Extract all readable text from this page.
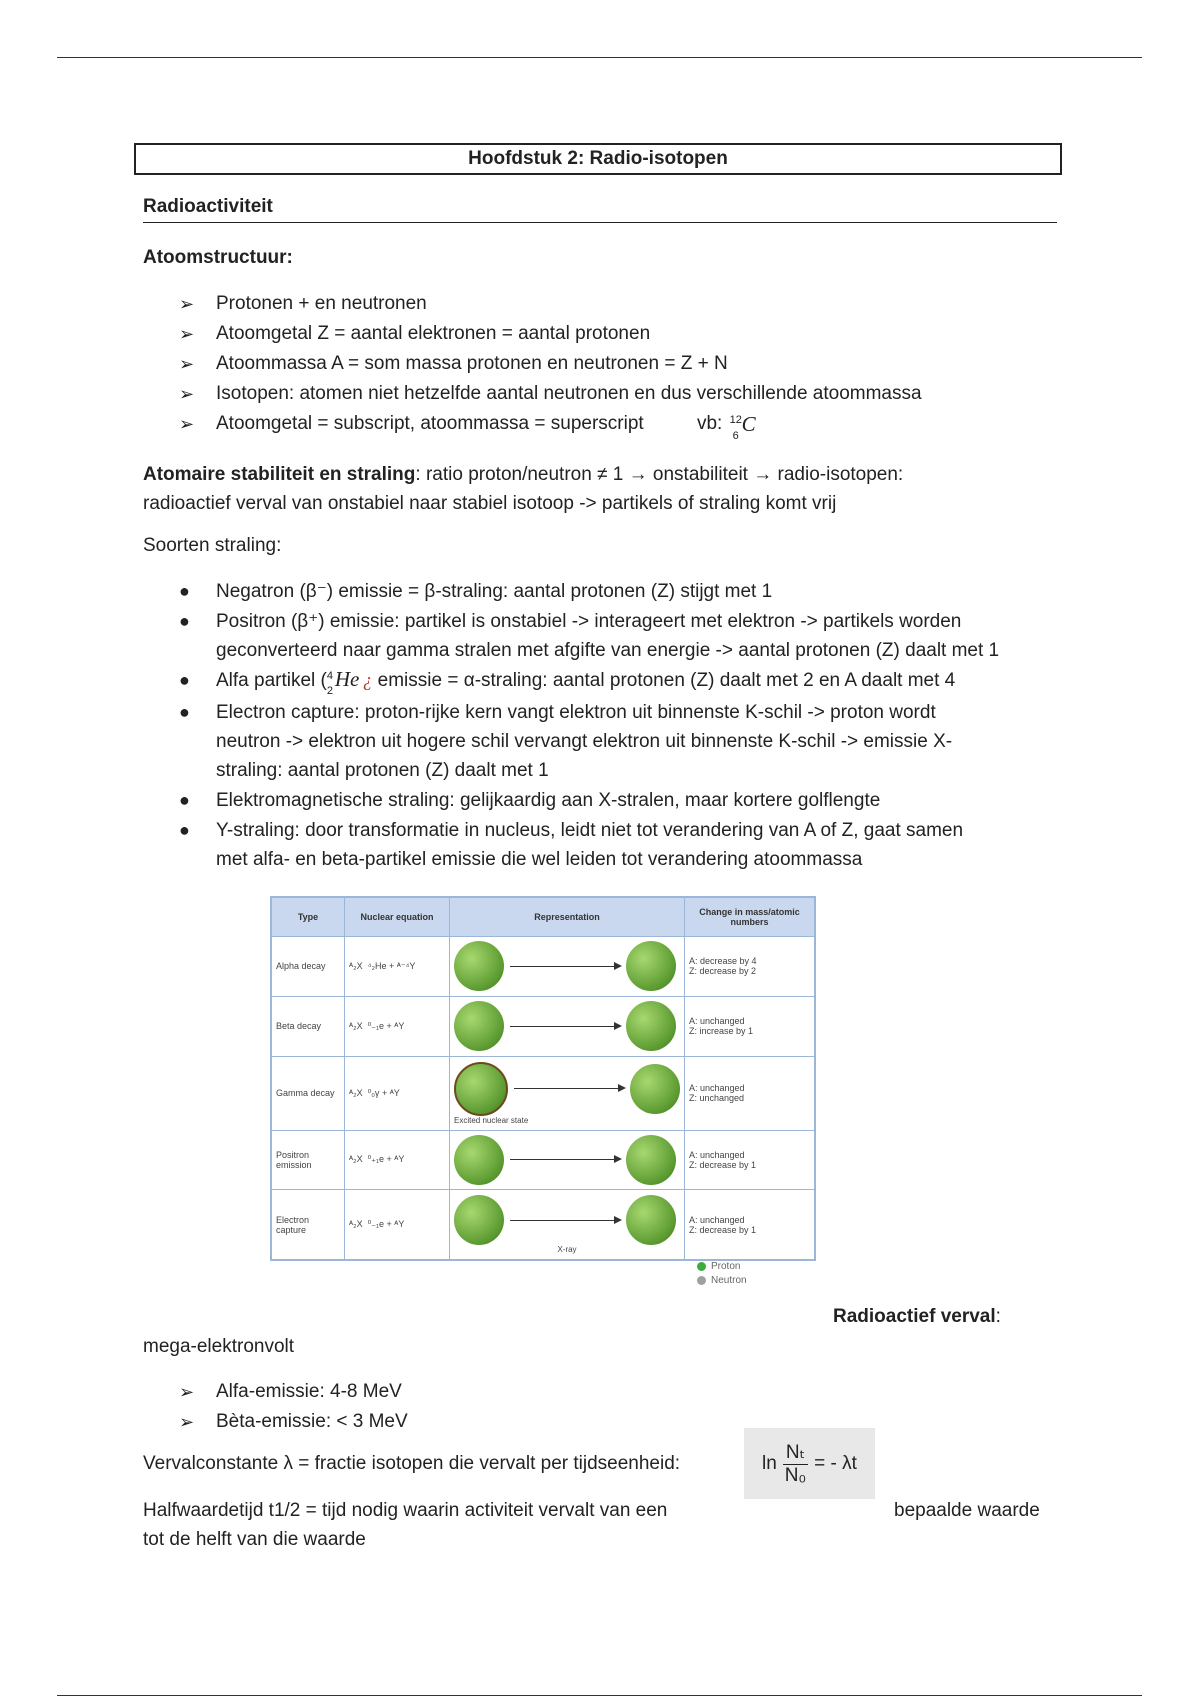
Hoofdstuk 2: Radio-isotopen
Radioactiviteit
Atoomstructuur:
➢ Protonen + en neutronen
➢ Atoomgetal Z = aantal elektronen = aantal protonen
➢ Atoommassa A = som massa protonen en neutronen = Z + N
➢ Isotopen: atomen niet hetzelfde aantal neutronen en dus verschillende atoommassa
➢ Atoomgetal = subscript, atoommassa = superscript	vb: 12
6 C
Atomaire stabiliteit en straling: ratio proton/neutron ≠ 1 → onstabiliteit → radio-isotopen:
radioactief verval van onstabiel naar stabiel isotoop -> partikels of straling komt vrij
Soorten straling:
● Negatron (β⁻) emissie = β-straling: aantal protonen (Z) stijgt met 1
● Positron (β⁺) emissie: partikel is onstabiel -> interageert met elektron -> partikels worden
geconverteerd naar gamma stralen met afgifte van energie -> aantal protonen (Z) daalt met 1
● Alfa partikel ( 4
2 He ¿ emissie = α-straling: aantal protonen (Z) daalt met 2 en A daalt met 4
● Electron capture: proton-rijke kern vangt elektron uit binnenste K-schil -> proton wordt
neutron -> elektron uit hogere schil vervangt elektron uit binnenste K-schil -> emissie X-
straling: aantal protonen (Z) daalt met 1
● Elektromagnetische straling: gelijkaardig aan X-stralen, maar kortere golflengte
● Y-straling: door transformatie in nucleus, leidt niet tot verandering van A of Z, gaat samen
met alfa- en beta-partikel emissie die wel leiden tot verandering atoommassa
Type	Nuclear equation	Representation	Change in mass/atomic numbers
Alpha decay	ᴬ₂X ⁴₂He + ᴬ⁻⁴Y		A: decrease by 4
Z: decrease by 2

Beta decay	ᴬ₂X ⁰₋₁e + ᴬY		A: unchanged
Z: increase by 1

Gamma decay	ᴬ₂X ⁰₀γ + ᴬY	Excited nuclear state	A: unchanged
Z: unchanged

Positron emission	ᴬ₂X ⁰₊₁e + ᴬY		A: unchanged
Z: decrease by 1

Electron capture	ᴬ₂X ⁰₋₁e + ᴬY	X-ray	A: unchanged
Z: decrease by 1
Proton
Neutron
Radioactief verval:
mega-elektronvolt
➢ Alfa-emissie: 4-8 MeV
➢ Bèta-emissie: < 3 MeV
Vervalconstante λ = fractie isotopen die vervalt per tijdseenheid:	$\ln \frac{\text{Nₜ}}{\text{N₀}}$ = - λt
Halfwaardetijd t1/2 = tijd nodig waarin activiteit vervalt van een	bepaalde waarde
tot de helft van die waarde
